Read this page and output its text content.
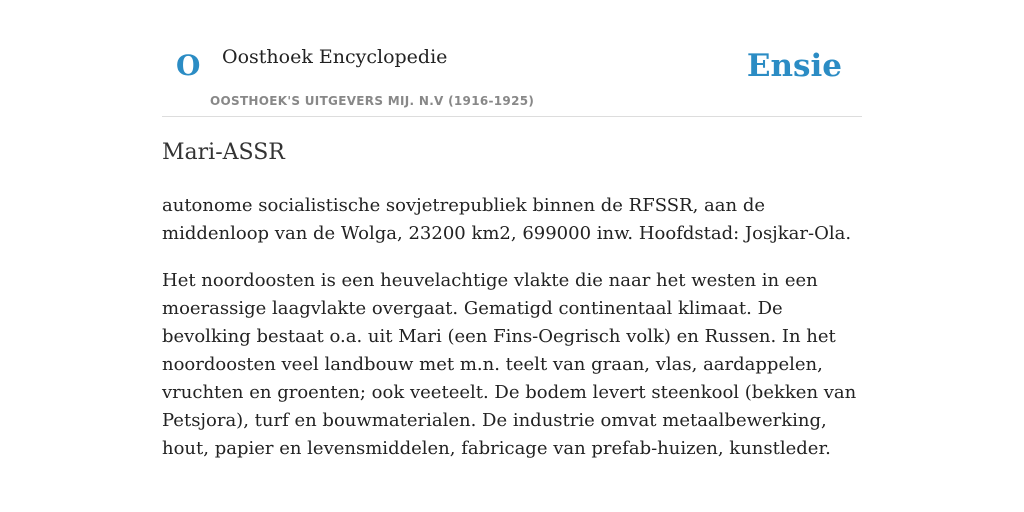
O Oosthoek Encyclopedie
OOSTHOEK'S UITGEVERS MIJ. N.V (1916-1925)
Ensie
Mari-ASSR

autonome socialistische sovjetrepubliek binnen de RFSSR, aan de middenloop van de Wolga, 23200 km2, 699000 inw. Hoofdstad: Josjkar-Ola.

Het noordoosten is een heuvelachtige vlakte die naar het westen in een moerassige laagvlakte overgaat. Gematigd continentaal klimaat. De bevolking bestaat o.a. uit Mari (een Fins-Oegrisch volk) en Russen. In het noordoosten veel landbouw met m.n. teelt van graan, vlas, aardappelen, vruchten en groenten; ook veeteelt. De bodem levert steenkool (bekken van Petsjora), turf en bouwmaterialen. De industrie omvat metaalbewerking, hout, papier en levensmiddelen, fabricage van prefab-huizen, kunstleder.
